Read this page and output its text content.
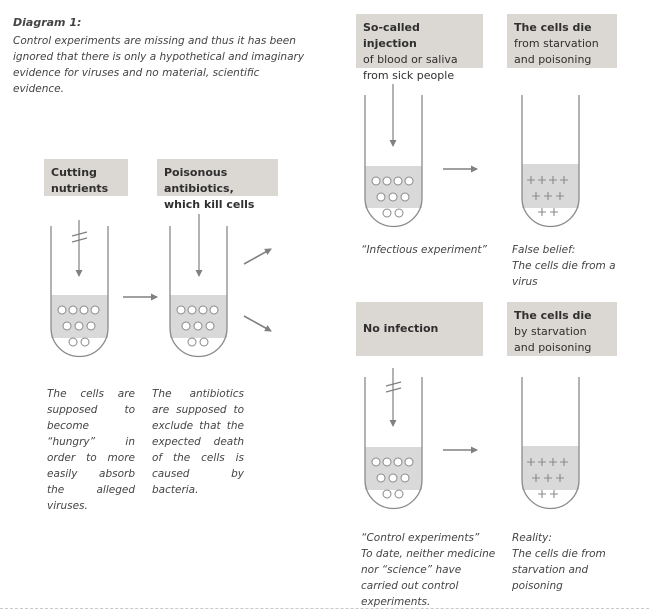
Diagram 1:
Control experiments are missing and thus it has been ignored that there is only a hypothetical and imaginary evidence for viruses and no material, scientific evidence.
Cutting
nutrients
Poisonous antibiotics,
which kill cells
So-called injection
of blood or saliva
from sick people
The cells die
from starvation
and poisoning
No infection
The cells die
by starvation
and poisoning
The cells are supposed to become “hungry” in order to more easily absorb the alleged viruses.
The antibiotics are supposed to exclude that the expected death of the cells is caused by bacteria.
“Infectious experiment”	False belief:
The cells die from a virus
“Control experiments”
To date, neither medicine nor “science” have carried out control experiments.
Reality:
The cells die from starvation and poisoning
